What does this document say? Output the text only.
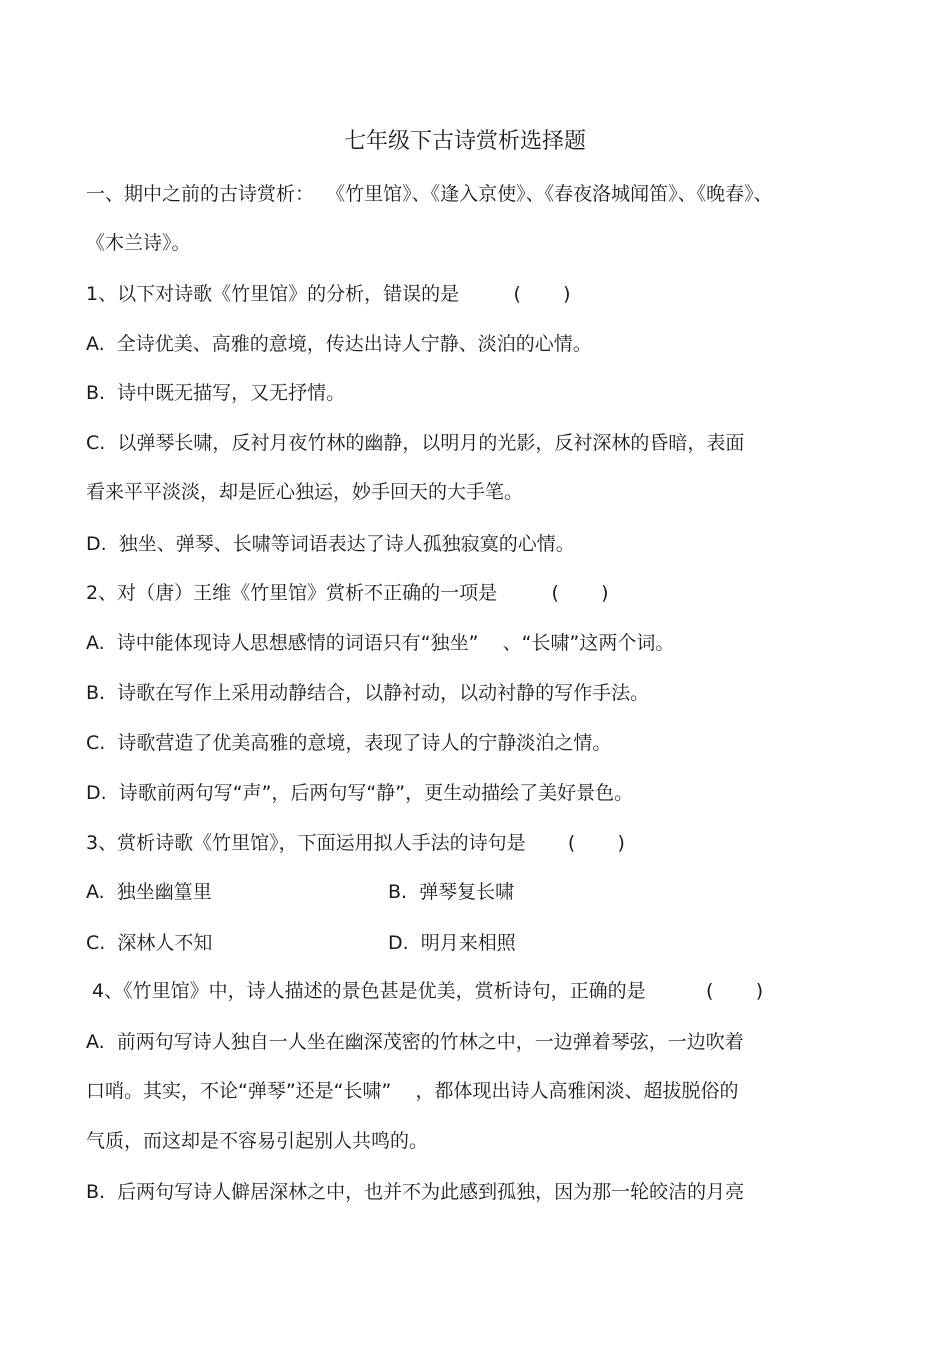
七年级下古诗赏析选择题
一、期中之前的古诗赏析：  《竹里馆》、《逢入京使》、《春夜洛城闻笛》、《晚春》、
《木兰诗》。
1、以下对诗歌《竹里馆》的分析，错误的是         (       )
A.  全诗优美、高雅的意境，传达出诗人宁静、淡泊的心情。
B.  诗中既无描写，又无抒情。
C.  以弹琴长啸，反衬月夜竹林的幽静，以明月的光影，反衬深林的昏暗，表面
看来平平淡淡，却是匠心独运，妙手回天的大手笔。
D.  独坐、弹琴、长啸等词语表达了诗人孤独寂寞的心情。
2、对（唐）王维《竹里馆》赏析不正确的一项是         (       )
A.  诗中能体现诗人思想感情的词语只有“独坐”    、“长啸”这两个词。
B.  诗歌在写作上采用动静结合，以静衬动，以动衬静的写作手法。
C.  诗歌营造了优美高雅的意境，表现了诗人的宁静淡泊之情。
D.  诗歌前两句写“声”，后两句写“静”，更生动描绘了美好景色。
3、赏析诗歌《竹里馆》，下面运用拟人手法的诗句是       (       )
A.  独坐幽篁里	B.  弹琴复长啸
C.  深林人不知	D.  明月来相照
4、《竹里馆》中，诗人描述的景色甚是优美，赏析诗句，正确的是          (       )
A.  前两句写诗人独自一人坐在幽深茂密的竹林之中，一边弹着琴弦，一边吹着
口哨。其实，不论“弹琴”还是“长啸”    ，都体现出诗人高雅闲淡、超拔脱俗的
气质，而这却是不容易引起别人共鸣的。
B.  后两句写诗人僻居深林之中，也并不为此感到孤独，因为那一轮皎洁的月亮
